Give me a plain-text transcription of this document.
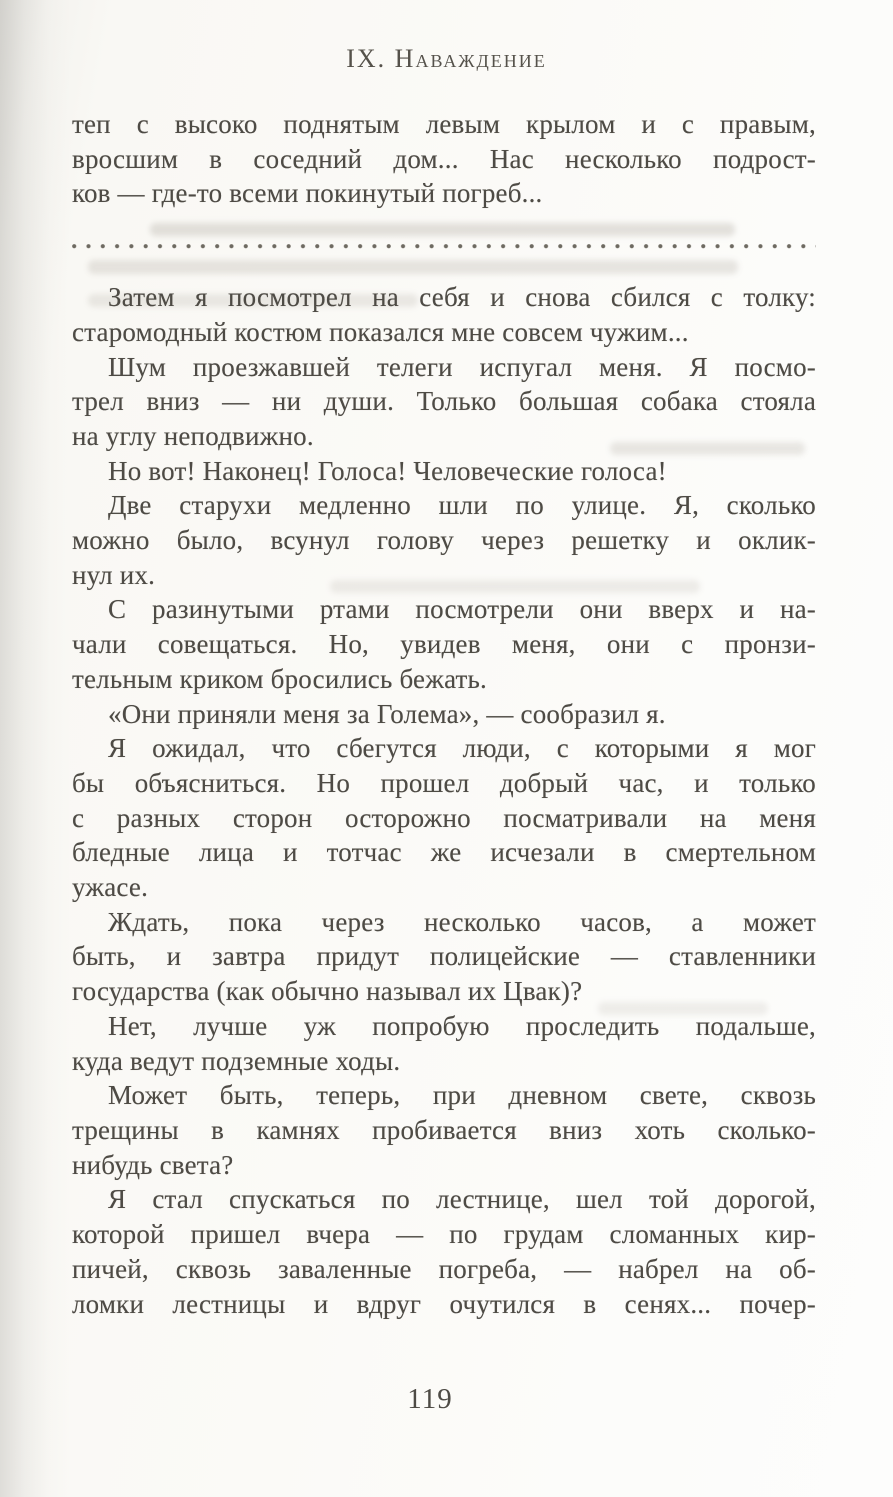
IX. Наваждение

теп с высоко поднятым левым крылом и с правым,
вросшим в соседний дом... Нас несколько подрост-
ков — где-то всеми покинутый погреб...

Затем я посмотрел на себя и снова сбился с толку:
старомодный костюм показался мне совсем чужим...

Шум проезжавшей телеги испугал меня. Я посмо-
трел вниз — ни души. Только большая собака стояла
на углу неподвижно.

Но вот! Наконец! Голоса! Человеческие голоса!

Две старухи медленно шли по улице. Я, сколько
можно было, всунул голову через решетку и оклик-
нул их.

С разинутыми ртами посмотрели они вверх и на-
чали совещаться. Но, увидев меня, они с пронзи-
тельным криком бросились бежать.

«Они приняли меня за Голема», — сообразил я.

Я ожидал, что сбегутся люди, с которыми я мог
бы объясниться. Но прошел добрый час, и только
с разных сторон осторожно посматривали на меня
бледные лица и тотчас же исчезали в смертельном
ужасе.

Ждать, пока через несколько часов, а может
быть, и завтра придут полицейские — ставленники
государства (как обычно называл их Цвак)?

Нет, лучше уж попробую проследить подальше,
куда ведут подземные ходы.

Может быть, теперь, при дневном свете, сквозь
трещины в камнях пробивается вниз хоть сколько-
нибудь света?

Я стал спускаться по лестнице, шел той дорогой,
которой пришел вчера — по грудам сломанных кир-
пичей, сквозь заваленные погреба, — набрел на об-
ломки лестницы и вдруг очутился в сенях... почер-

119
